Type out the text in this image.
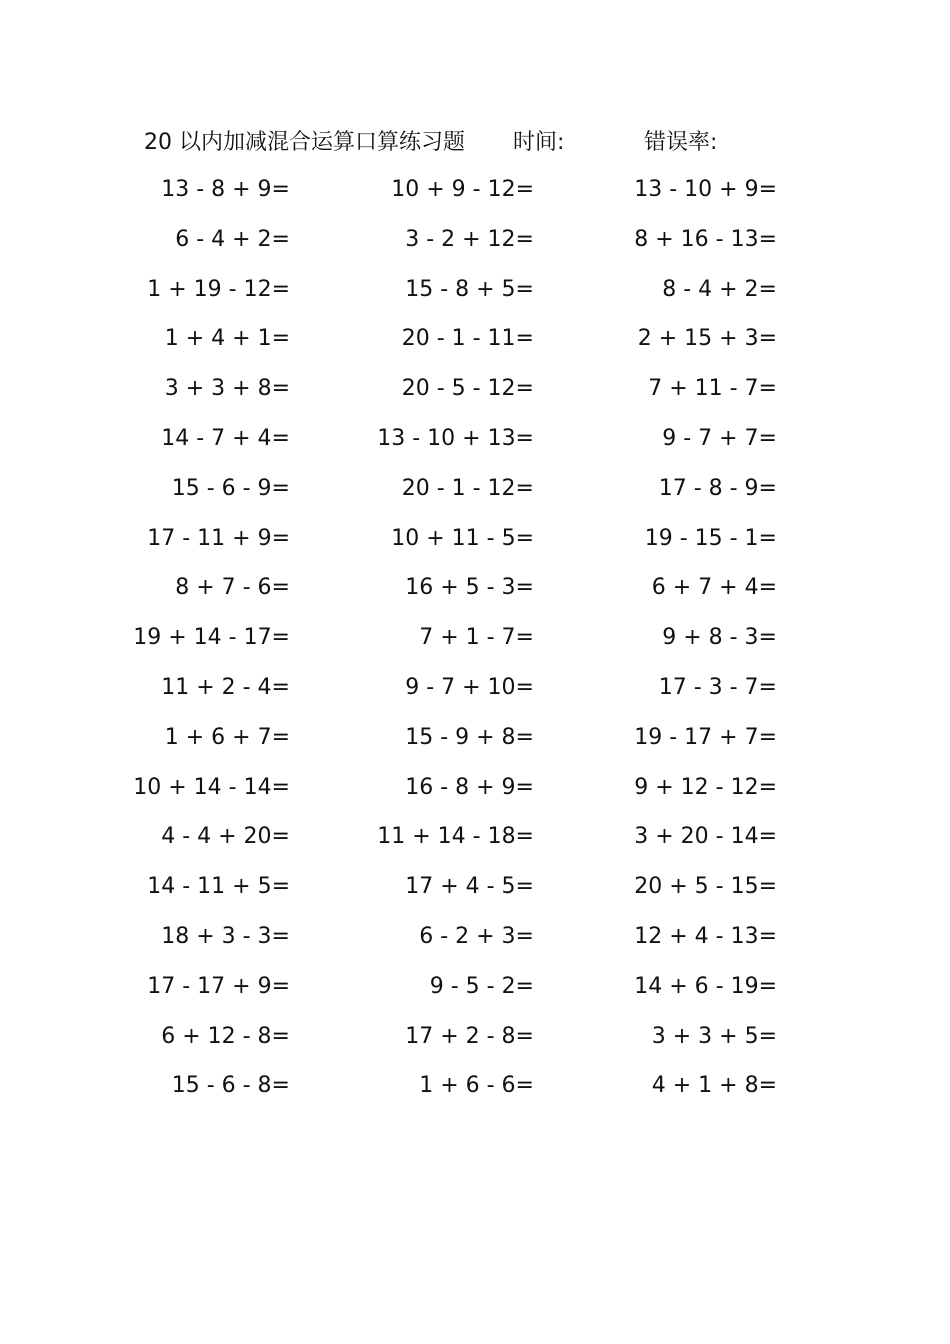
20 以内加减混合运算口算练习题 时间:	错误率:
13 - 8 + 9=	10 + 9 - 12=	13 - 10 + 9=
6 - 4 + 2=	3 - 2 + 12=	8 + 16 - 13=
1 + 19 - 12=	15 - 8 + 5=	8 - 4 + 2=
1 + 4 + 1=	20 - 1 - 11=	2 + 15 + 3=
3 + 3 + 8=	20 - 5 - 12=	7 + 11 - 7=
14 - 7 + 4=	13 - 10 + 13=	9 - 7 + 7=
15 - 6 - 9=	20 - 1 - 12=	17 - 8 - 9=
17 - 11 + 9=	10 + 11 - 5=	19 - 15 - 1=
8 + 7 - 6=	16 + 5 - 3=	6 + 7 + 4=
19 + 14 - 17=	7 + 1 - 7=	9 + 8 - 3=
11 + 2 - 4=	9 - 7 + 10=	17 - 3 - 7=
1 + 6 + 7=	15 - 9 + 8=	19 - 17 + 7=
10 + 14 - 14=	16 - 8 + 9=	9 + 12 - 12=
4 - 4 + 20=	11 + 14 - 18=	3 + 20 - 14=
14 - 11 + 5=	17 + 4 - 5=	20 + 5 - 15=
18 + 3 - 3=	6 - 2 + 3=	12 + 4 - 13=
17 - 17 + 9=	9 - 5 - 2=	14 + 6 - 19=
6 + 12 - 8=	17 + 2 - 8=	3 + 3 + 5=
15 - 6 - 8=	1 + 6 - 6=	4 + 1 + 8=
